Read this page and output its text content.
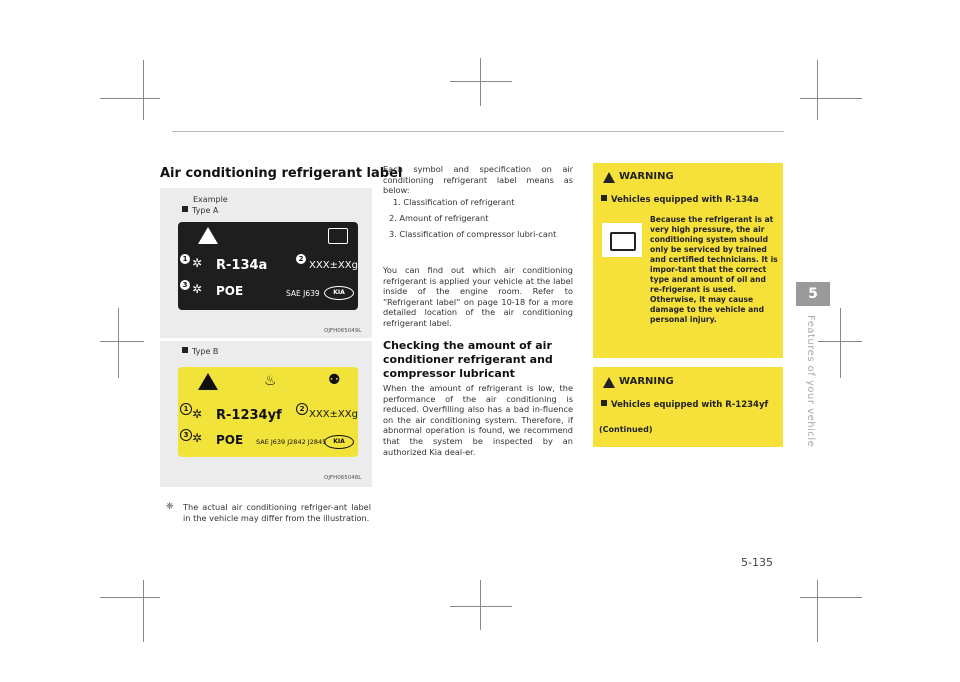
Air conditioning refrigerant label
Example
Type A
1 ✲ R-134a	2
XXX±XXg
3 ✲ POE	SAE J639	KIA
OJFH065049L
Type B
♨	⚉
1 ✲ R-1234yf	2 XXX±XXg
3 ✲ POE SAE J639 J2842 J2845	KIA
OJFH065048L
❈ The actual air conditioning refriger-ant label in the vehicle may differ from the illustration.
Each symbol and specification on air conditioning refrigerant label means as below:
1. Classification of refrigerant
2. Amount of refrigerant
3. Classification of compressor lubri-cant
You can find out which air conditioning refrigerant is applied your vehicle at the label inside of the engine room. Refer to “Refrigerant label” on page 10-18 for a more detailed location of the air conditioning refrigerant label.
Checking the amount of air conditioner refrigerant and compressor lubricant
When the amount of refrigerant is low, the performance of the air conditioning is reduced. Overfilling also has a bad in-fluence on the air conditioning system. Therefore, if abnormal operation is found, we recommend that the system be inspected by an authorized Kia deal-er.
WARNING
Vehicles equipped with R-134a
Because the refrigerant is at very high pressure, the air conditioning system should only be serviced by trained and certified technicians. It is impor-tant that the correct type and amount of oil and re-frigerant is used. Otherwise, it may cause damage to the vehicle and personal injury.
WARNING
Vehicles equipped with R-1234yf
(Continued)
5
Features of your vehicle
5-135
